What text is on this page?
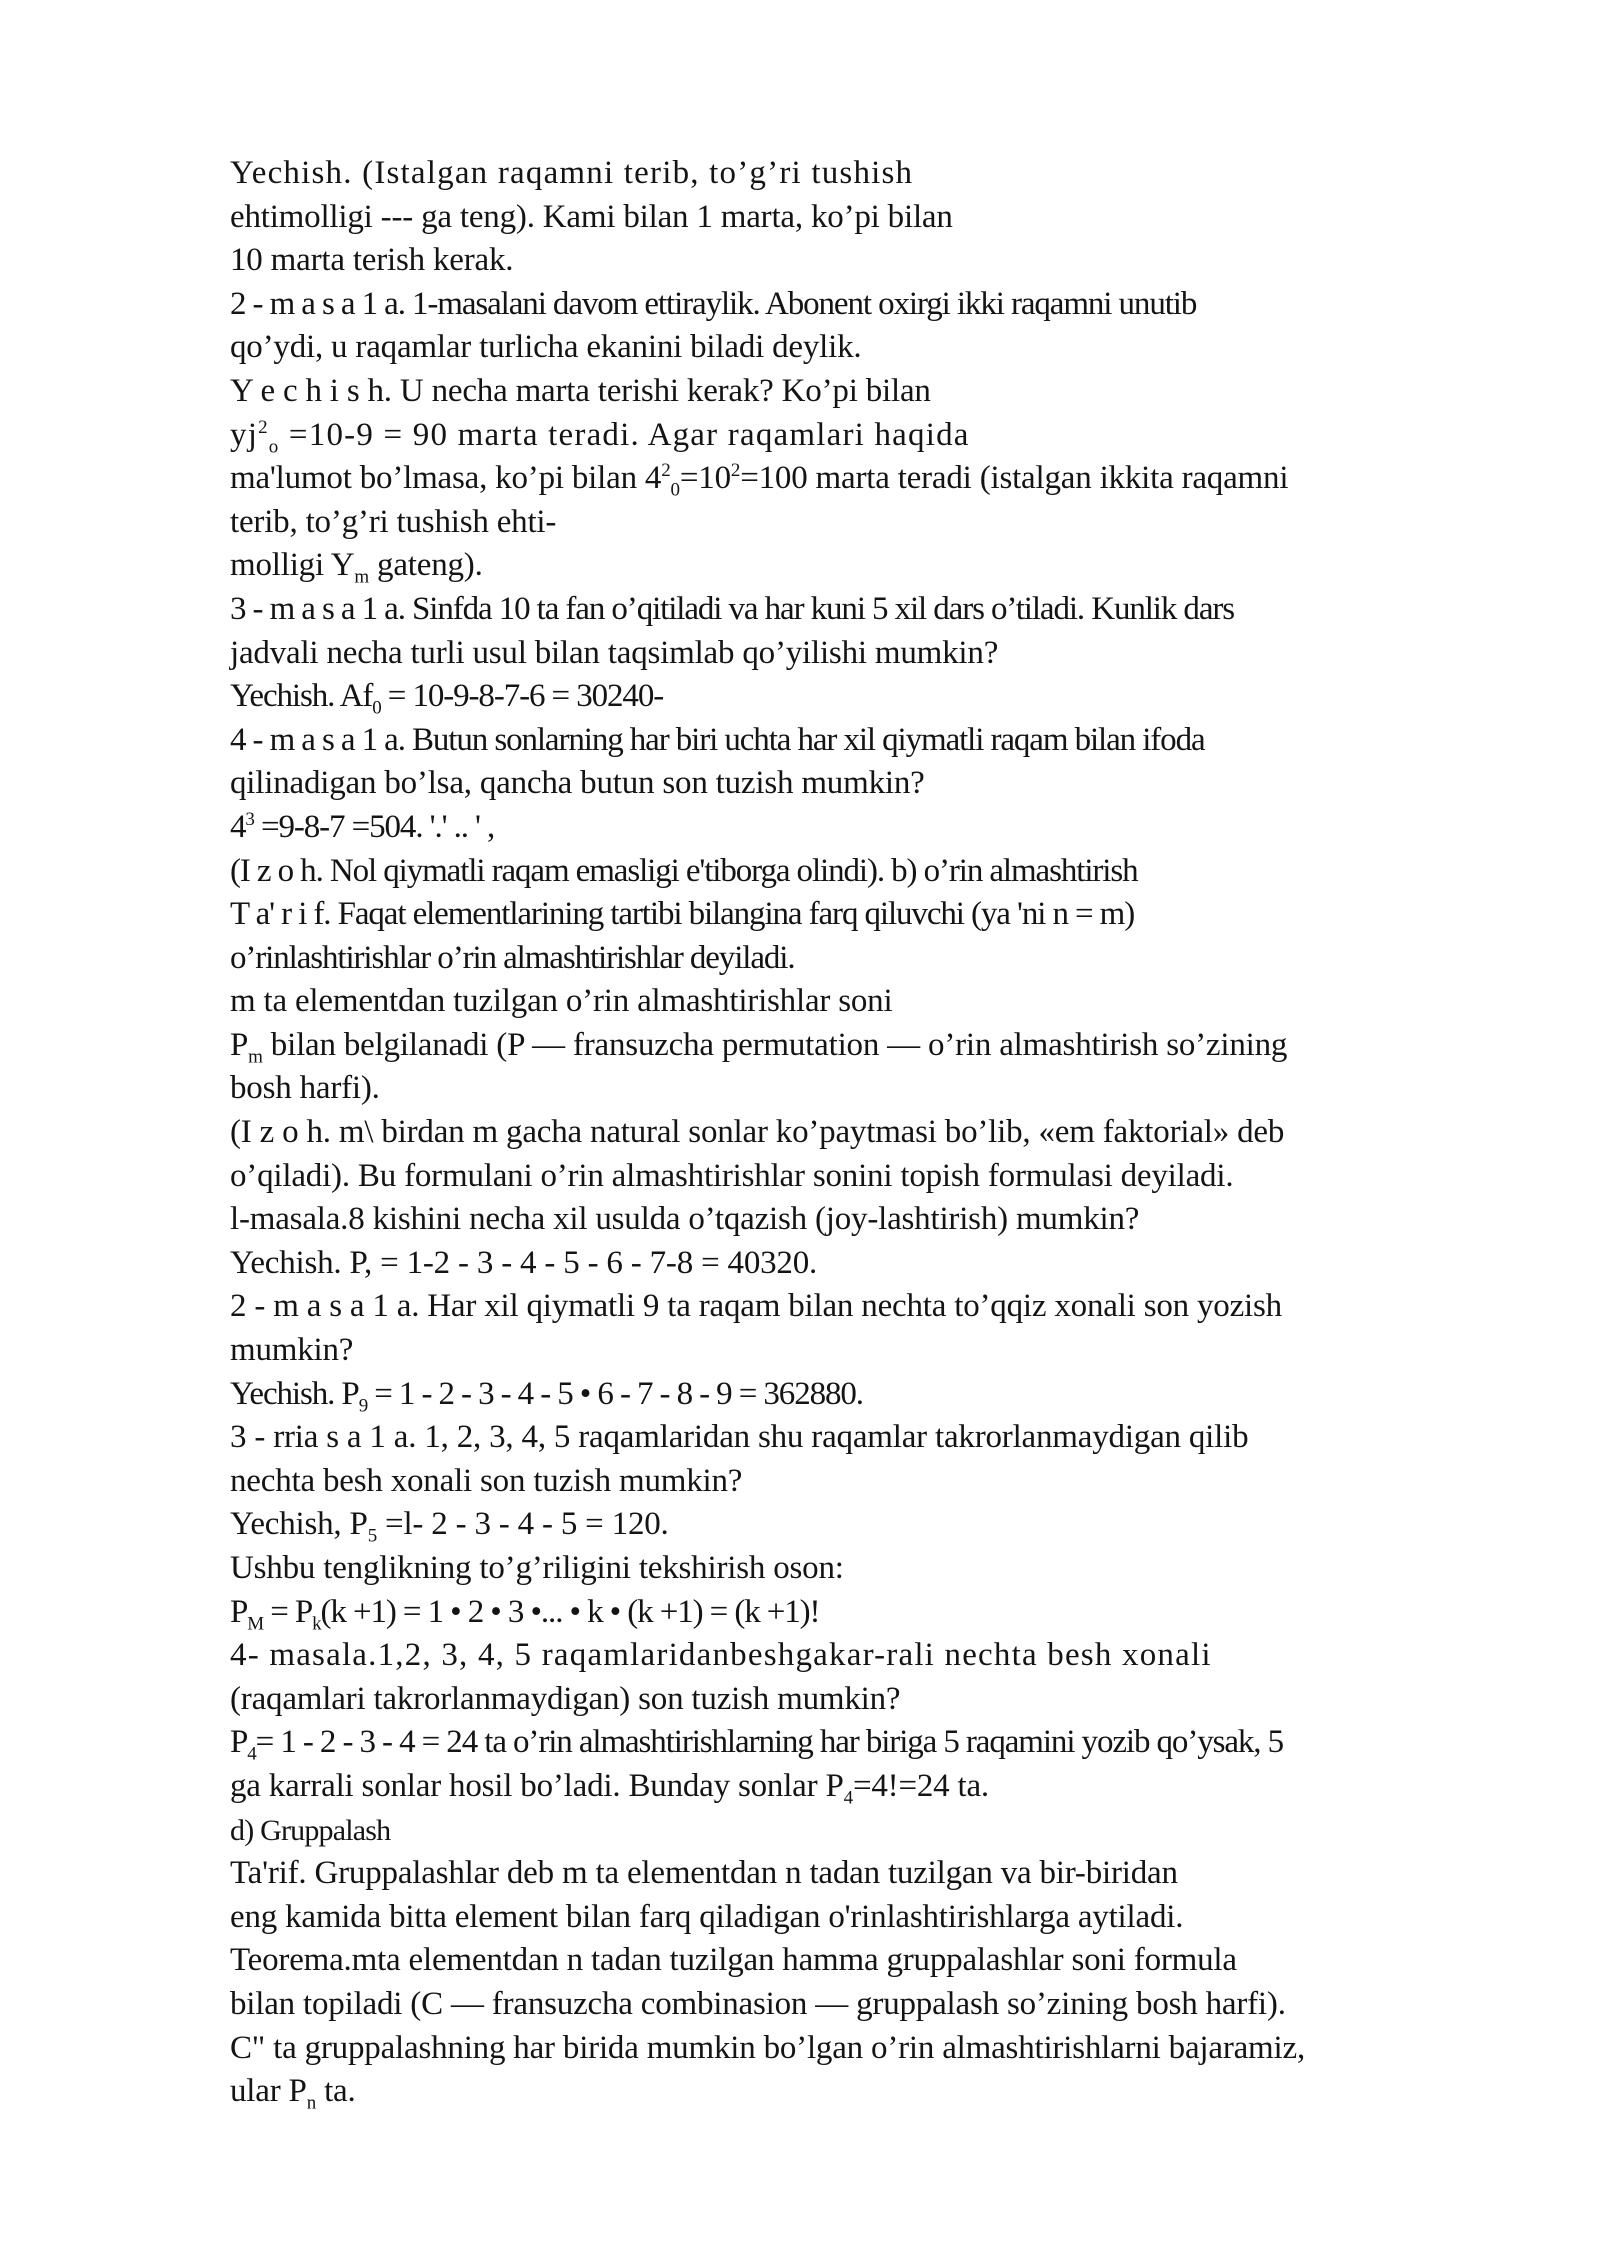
Yechish. (Istalgan raqamni terib, to’g’ri tushish
ehtimolligi --- ga teng). Kami bilan 1 marta, ko’pi bilan
10 marta terish kerak.
2 - m a s a 1 a. 1-masalani davom ettiraylik. Abonent oxirgi ikki raqamni unutib
qo’ydi, u raqamlar turlicha ekanini biladi deylik.
Y e c h i s h. U necha marta terishi kerak? Ko’pi bilan
$yj^2_o =10-9 = 90$ marta teradi. Agar raqamlari haqida
ma'lumot bo’lmasa, ko’pi bilan $4^2_0=10^2=100$ marta teradi (istalgan ikkita raqamni
terib, to’g’ri tushish ehti-
molligi $Y_m$ gateng).
3 - m a s a 1 a. Sinfda 10 ta fan o’qitiladi va har kuni 5 xil dars o’tiladi. Kunlik dars
jadvali necha turli usul bilan taqsimlab qo’yilishi mumkin?
Yechish. $Af_0 = 10-9-8-7-6 = 30240-$
4 - m a s a 1 a. Butun sonlarning har biri uchta har xil qiymatli raqam bilan ifoda
qilinadigan bo’lsa, qancha butun son tuzish mumkin?
$4^3 =9-8-7 =504$. '.' .. ' ,
(I z o h. Nol qiymatli raqam emasligi e'tiborga olindi). b) o’rin almashtirish
T a' r i f. Faqat elementlarining tartibi bilangina farq qiluvchi (ya 'ni n = m)
o’rinlashtirishlar o’rin almashtirishlar deyiladi.
m ta elementdan tuzilgan o’rin almashtirishlar soni
$P_m$ bilan belgilanadi (P — fransuzcha permutation — o’rin almashtirish so’zining
bosh harfi).
(I z o h. m\ birdan m gacha natural sonlar ko’paytmasi bo’lib, «em faktorial» deb
o’qiladi). Bu formulani o’rin almashtirishlar sonini topish formulasi deyiladi.
l-masala.8 kishini necha xil usulda o’tqazish (joy-lashtirish) mumkin?
Yechish. P, = 1-2 - 3 - 4 - 5 - 6 - 7-8 = 40320.
2 - m a s a 1 a. Har xil qiymatli 9 ta raqam bilan nechta to’qqiz xonali son yozish
mumkin?
Yechish. $P_9 = 1 - 2 - 3 - 4 - 5$ • 6 - 7 - 8 - 9 = 362880.
3 - rria s a 1 a. 1, 2, 3, 4, 5 raqamlaridan shu raqamlar takrorlanmaydigan qilib
nechta besh xonali son tuzish mumkin?
Yechish, $P_5 =l-$ 2 - 3 - 4 - 5 = 120.
Ushbu tenglikning to’g’riligini tekshirish oson:
$P_M = P_k(k +1) = 1$ • 2 • 3 •... • k • (k +1) = (k +1)!
4- masala.1,2, 3, 4, 5 raqamlaridanbeshgakar-rali nechta besh xonali
(raqamlari takrorlanmaydigan) son tuzish mumkin?
$P_4= 1 - 2 - 3 - 4 = 24$ ta o’rin almashtirishlarning har biriga 5 raqamini yozib qo’ysak, 5
ga karrali sonlar hosil bo’ladi. Bunday sonlar $P_4=4!=24$ ta.
d) Gruppalash
Ta'rif. Gruppalashlar deb m ta elementdan n tadan tuzilgan va bir-biridan
eng kamida bitta element bilan farq qiladigan o'rinlashtirishlarga aytiladi.
Teorema.mta elementdan n tadan tuzilgan hamma gruppalashlar soni formula
bilan topiladi (C — fransuzcha combinasion — gruppalash so’zining bosh harfi).
C" ta gruppalashning har birida mumkin bo’lgan o’rin almashtirishlarni bajaramiz,
ular $P_n$ ta.
